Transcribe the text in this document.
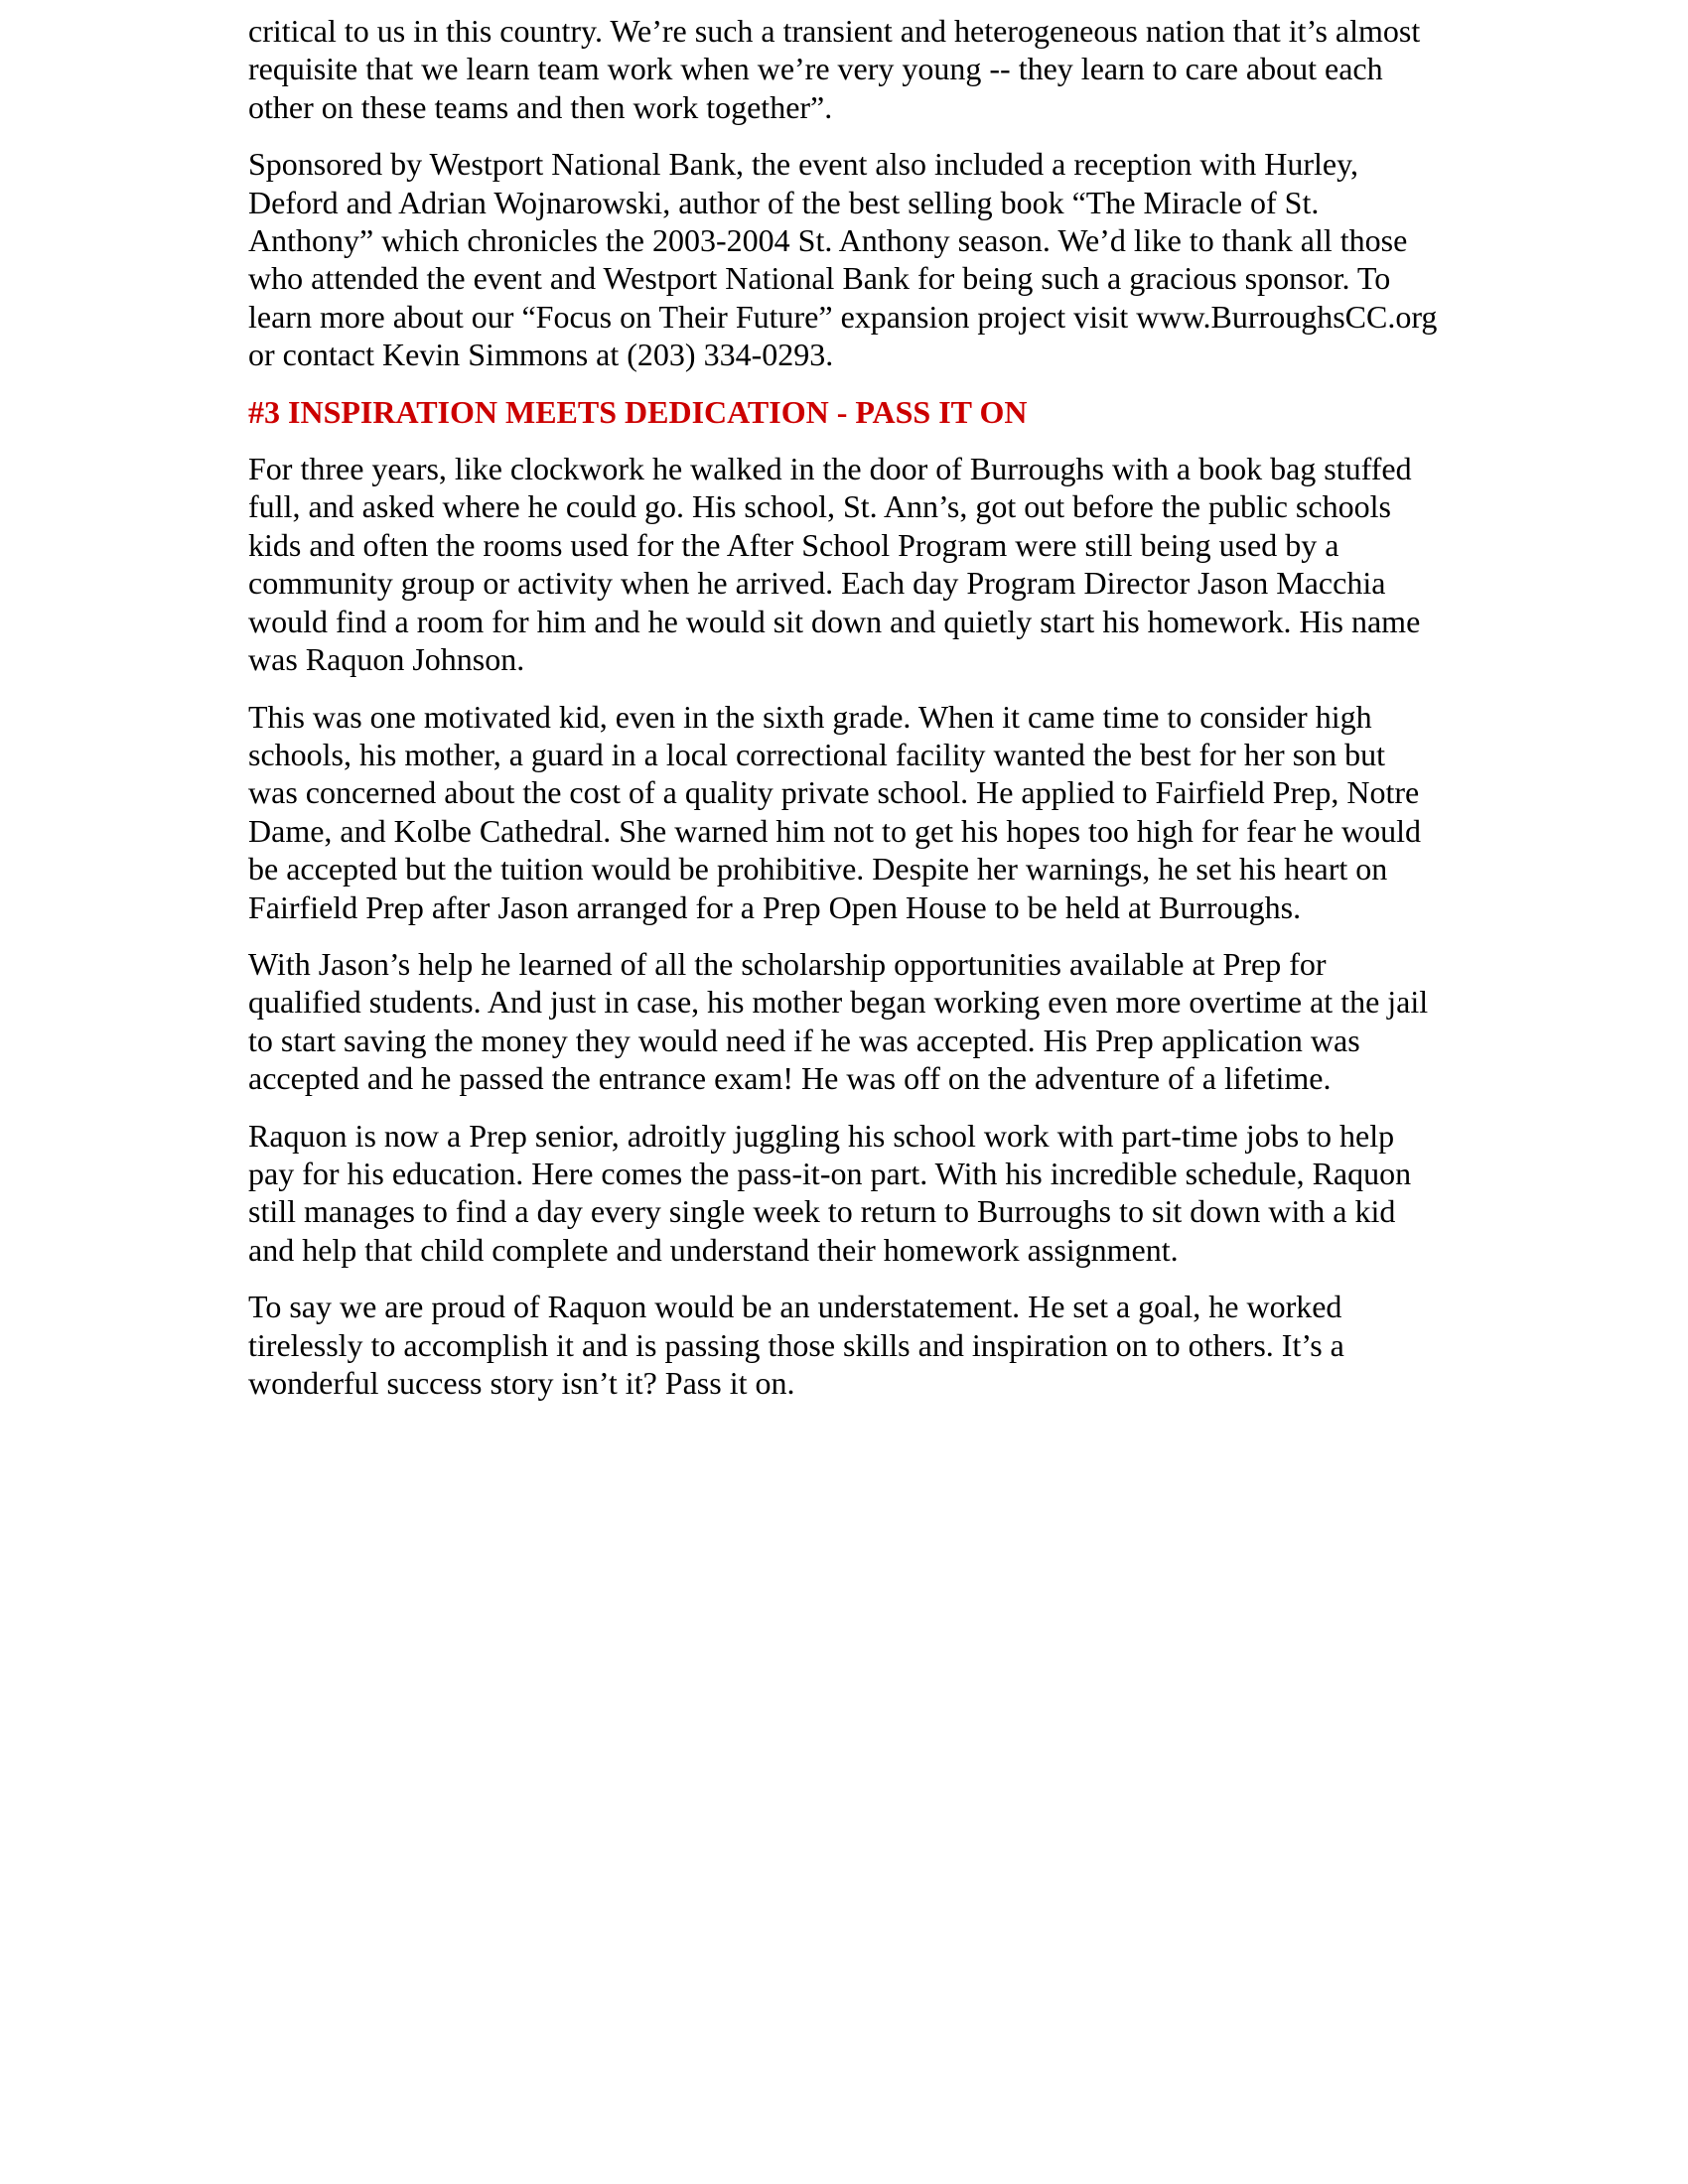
critical to us in this country. We’re such a transient and heterogeneous nation that it’s almost requisite that we learn team work when we’re very young -- they learn to care about each other on these teams and then work together”.

Sponsored by Westport National Bank, the event also included a reception with Hurley, Deford and Adrian Wojnarowski, author of the best selling book “The Miracle of St. Anthony” which chronicles the 2003-2004 St. Anthony season. We’d like to thank all those who attended the event and Westport National Bank for being such a gracious sponsor. To learn more about our “Focus on Their Future” expansion project visit www.BurroughsCC.org or contact Kevin Simmons at (203) 334-0293.

#3 INSPIRATION MEETS DEDICATION - PASS IT ON

For three years, like clockwork he walked in the door of Burroughs with a book bag stuffed full, and asked where he could go. His school, St. Ann’s, got out before the public schools kids and often the rooms used for the After School Program were still being used by a community group or activity when he arrived. Each day Program Director Jason Macchia would find a room for him and he would sit down and quietly start his homework. His name was Raquon Johnson.

This was one motivated kid, even in the sixth grade. When it came time to consider high schools, his mother, a guard in a local correctional facility wanted the best for her son but was concerned about the cost of a quality private school. He applied to Fairfield Prep, Notre Dame, and Kolbe Cathedral. She warned him not to get his hopes too high for fear he would be accepted but the tuition would be prohibitive. Despite her warnings, he set his heart on Fairfield Prep after Jason arranged for a Prep Open House to be held at Burroughs.

With Jason’s help he learned of all the scholarship opportunities available at Prep for qualified students. And just in case, his mother began working even more overtime at the jail to start saving the money they would need if he was accepted. His Prep application was accepted and he passed the entrance exam! He was off on the adventure of a lifetime.

Raquon is now a Prep senior, adroitly juggling his school work with part-time jobs to help pay for his education. Here comes the pass-it-on part. With his incredible schedule, Raquon still manages to find a day every single week to return to Burroughs to sit down with a kid and help that child complete and understand their homework assignment.

To say we are proud of Raquon would be an understatement. He set a goal, he worked tirelessly to accomplish it and is passing those skills and inspiration on to others. It’s a wonderful success story isn’t it? Pass it on.
